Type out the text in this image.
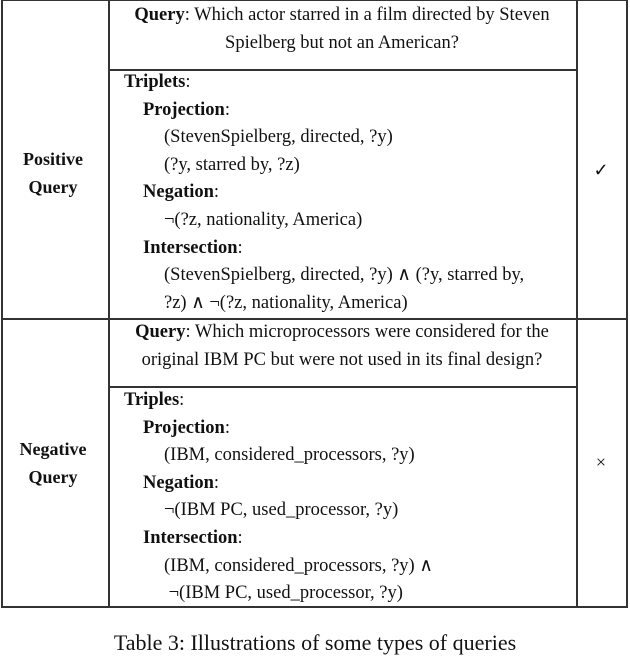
Positive
Query
✓
Query: Which actor starred in a film directed by Steven
Spielberg but not an American?
Triplets:
Projection:
(StevenSpielberg, directed, ?y)
(?y, starred by, ?z)
Negation:
¬(?z, nationality, America)
Intersection:
(StevenSpielberg, directed, ?y) ∧ (?y, starred by,
?z) ∧ ¬(?z, nationality, America)
Negative
Query
×
Query: Which microprocessors were considered for the
original IBM PC but were not used in its final design?
Triples:
Projection:
(IBM, considered_processors, ?y)
Negation:
¬(IBM PC, used_processor, ?y)
Intersection:
(IBM, considered_processors, ?y) ∧
¬(IBM PC, used_processor, ?y)
Table 3: Illustrations of some types of queries
